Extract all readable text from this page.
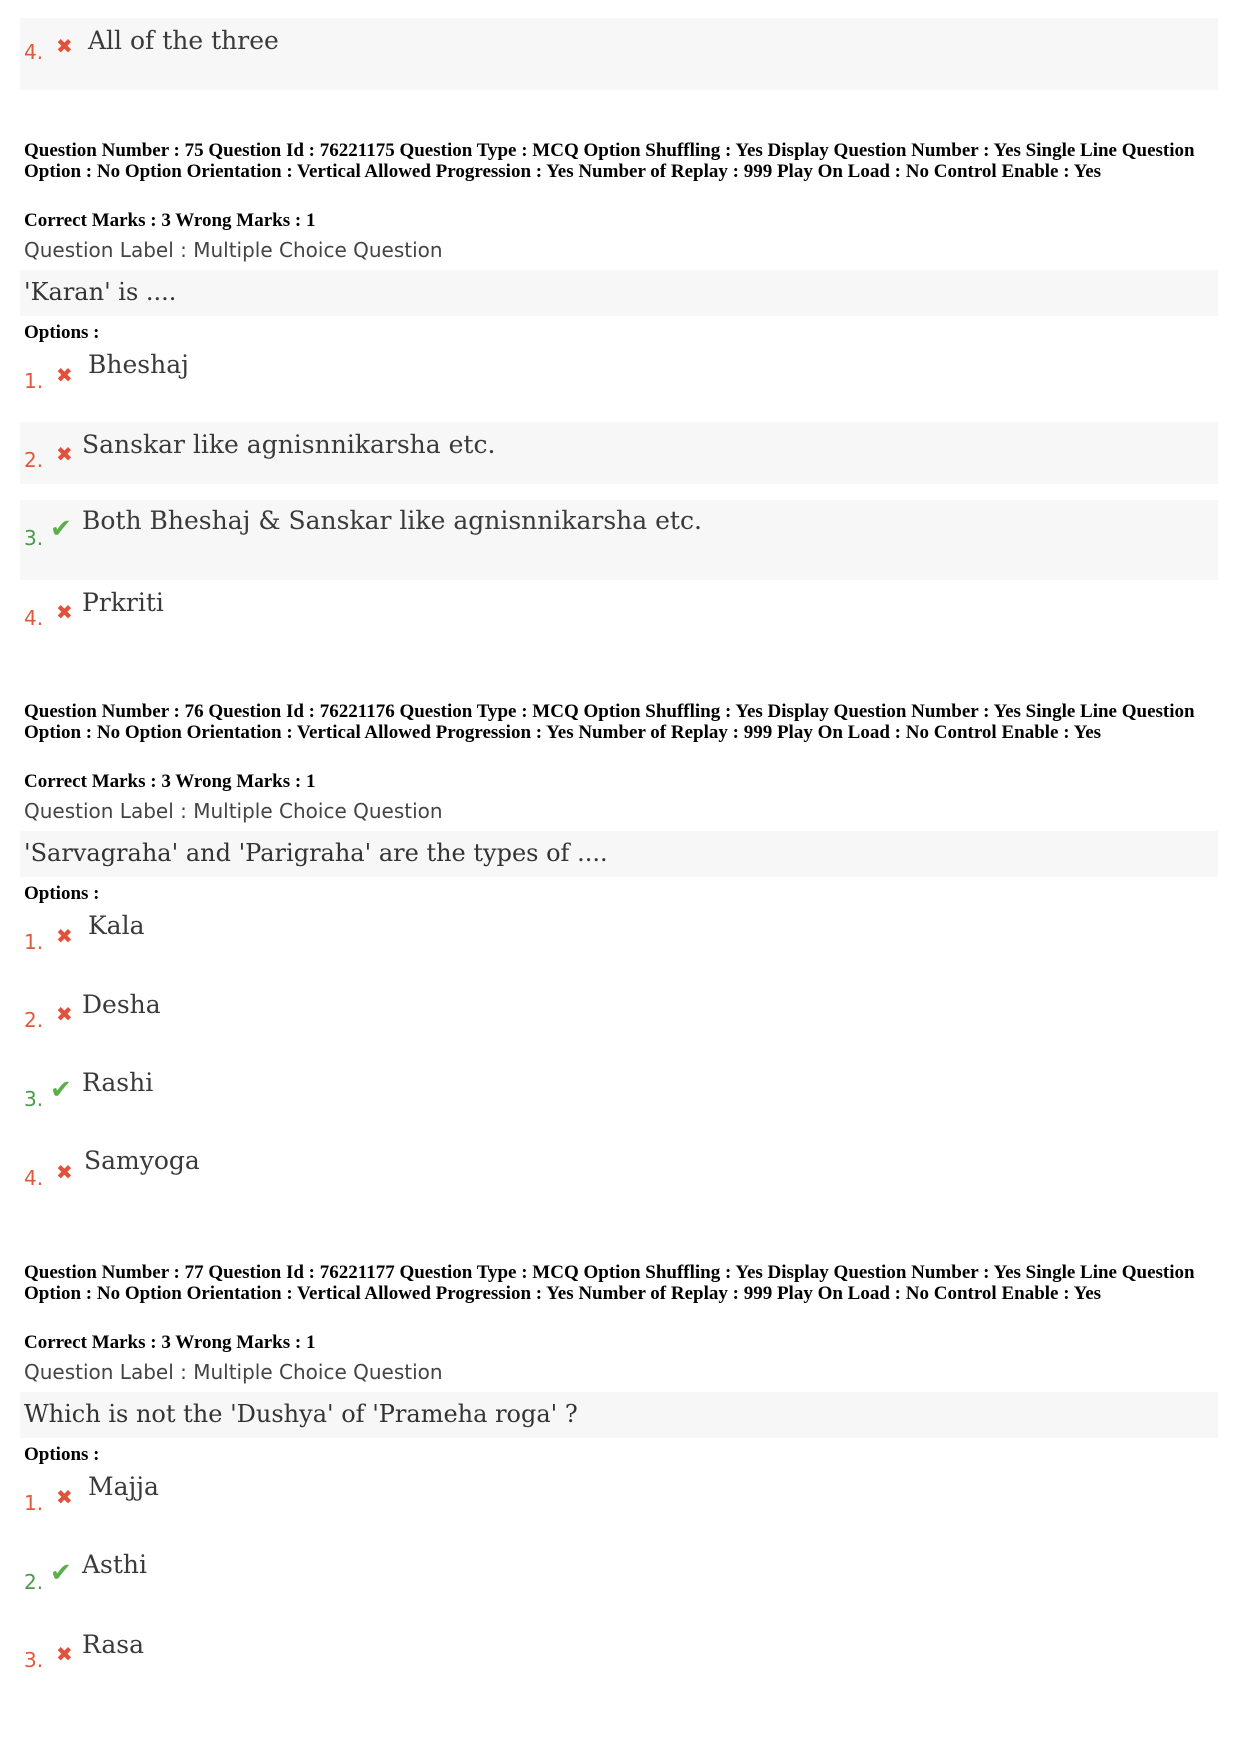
4. ✖ All of the three
Question Number : 75 Question Id : 76221175 Question Type : MCQ Option Shuffling : Yes Display Question Number : Yes Single Line Question Option : No Option Orientation : Vertical Allowed Progression : Yes Number of Replay : 999 Play On Load : No Control Enable : Yes
Correct Marks : 3 Wrong Marks : 1
Question Label : Multiple Choice Question
'Karan' is ....
Options :
1. ✖ Bheshaj
2. ✖ Sanskar like agnisnnikarsha etc.
3. ✔ Both Bheshaj & Sanskar like agnisnnikarsha etc.
4. ✖ Prkriti
Question Number : 76 Question Id : 76221176 Question Type : MCQ Option Shuffling : Yes Display Question Number : Yes Single Line Question Option : No Option Orientation : Vertical Allowed Progression : Yes Number of Replay : 999 Play On Load : No Control Enable : Yes
Correct Marks : 3 Wrong Marks : 1
Question Label : Multiple Choice Question
'Sarvagraha' and 'Parigraha' are the types of ....
Options :
1. ✖ Kala
2. ✖ Desha
3. ✔ Rashi
4. ✖ Samyoga
Question Number : 77 Question Id : 76221177 Question Type : MCQ Option Shuffling : Yes Display Question Number : Yes Single Line Question Option : No Option Orientation : Vertical Allowed Progression : Yes Number of Replay : 999 Play On Load : No Control Enable : Yes
Correct Marks : 3 Wrong Marks : 1
Question Label : Multiple Choice Question
Which is not the 'Dushya' of 'Prameha roga' ?
Options :
1. ✖ Majja
2. ✔ Asthi
3. ✖ Rasa
